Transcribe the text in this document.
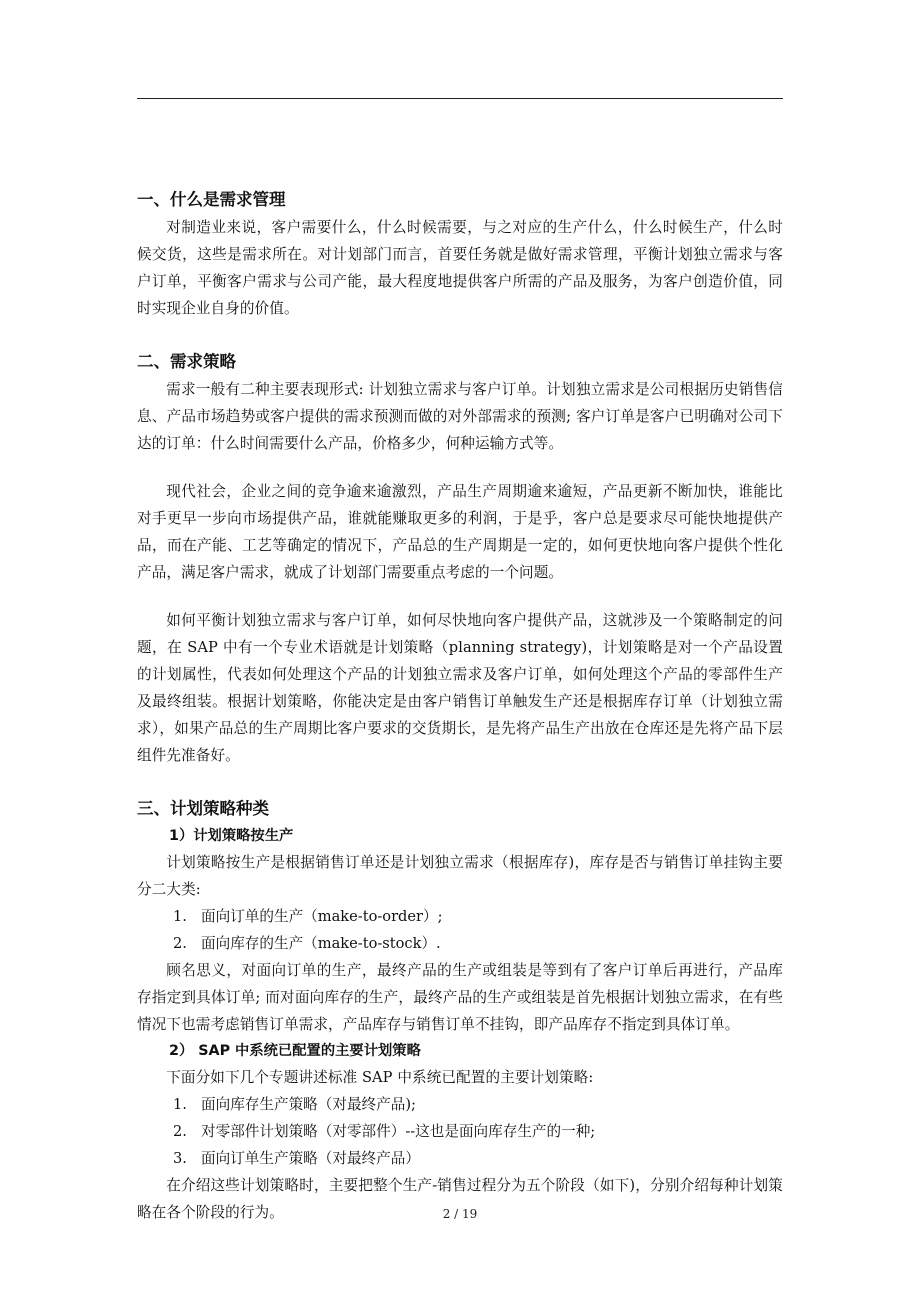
一、什么是需求管理

对制造业来说，客户需要什么，什么时候需要，与之对应的生产什么，什么时候生产，什么时候交货，这些是需求所在。对计划部门而言，首要任务就是做好需求管理，平衡计划独立需求与客户订单，平衡客户需求与公司产能，最大程度地提供客户所需的产品及服务，为客户创造价值，同时实现企业自身的价值。

二、需求策略

需求一般有二种主要表现形式: 计划独立需求与客户订单。计划独立需求是公司根据历史销售信息、产品市场趋势或客户提供的需求预测而做的对外部需求的预测; 客户订单是客户已明确对公司下达的订单：什么时间需要什么产品，价格多少，何种运输方式等。

现代社会，企业之间的竞争逾来逾激烈，产品生产周期逾来逾短，产品更新不断加快，谁能比对手更早一步向市场提供产品，谁就能赚取更多的利润，于是乎，客户总是要求尽可能快地提供产品，而在产能、工艺等确定的情况下，产品总的生产周期是一定的，如何更快地向客户提供个性化产品，满足客户需求，就成了计划部门需要重点考虑的一个问题。

如何平衡计划独立需求与客户订单，如何尽快地向客户提供产品，这就涉及一个策略制定的问题，在 SAP 中有一个专业术语就是计划策略（planning strategy)，计划策略是对一个产品设置的计划属性，代表如何处理这个产品的计划独立需求及客户订单，如何处理这个产品的零部件生产及最终组装。根据计划策略，你能决定是由客户销售订单触发生产还是根据库存订单（计划独立需求），如果产品总的生产周期比客户要求的交货期长，是先将产品生产出放在仓库还是先将产品下层组件先准备好。

三、计划策略种类
1）计划策略按生产

计划策略按生产是根据销售订单还是计划独立需求（根据库存)，库存是否与销售订单挂钩主要分二大类:

1. 面向订单的生产（make-to-order）;
2. 面向库存的生产（make-to-stock）.

顾名思义，对面向订单的生产，最终产品的生产或组装是等到有了客户订单后再进行，产品库存指定到具体订单; 而对面向库存的生产，最终产品的生产或组装是首先根据计划独立需求，在有些情况下也需考虑销售订单需求，产品库存与销售订单不挂钩，即产品库存不指定到具体订单。

2） SAP 中系统已配置的主要计划策略

下面分如下几个专题讲述标准 SAP 中系统已配置的主要计划策略:

1. 面向库存生产策略（对最终产品);
2. 对零部件计划策略（对零部件）--这也是面向库存生产的一种;
3. 面向订单生产策略（对最终产品）

在介绍这些计划策略时，主要把整个生产-销售过程分为五个阶段（如下)，分别介绍每种计划策略在各个阶段的行为。	2 / 19
